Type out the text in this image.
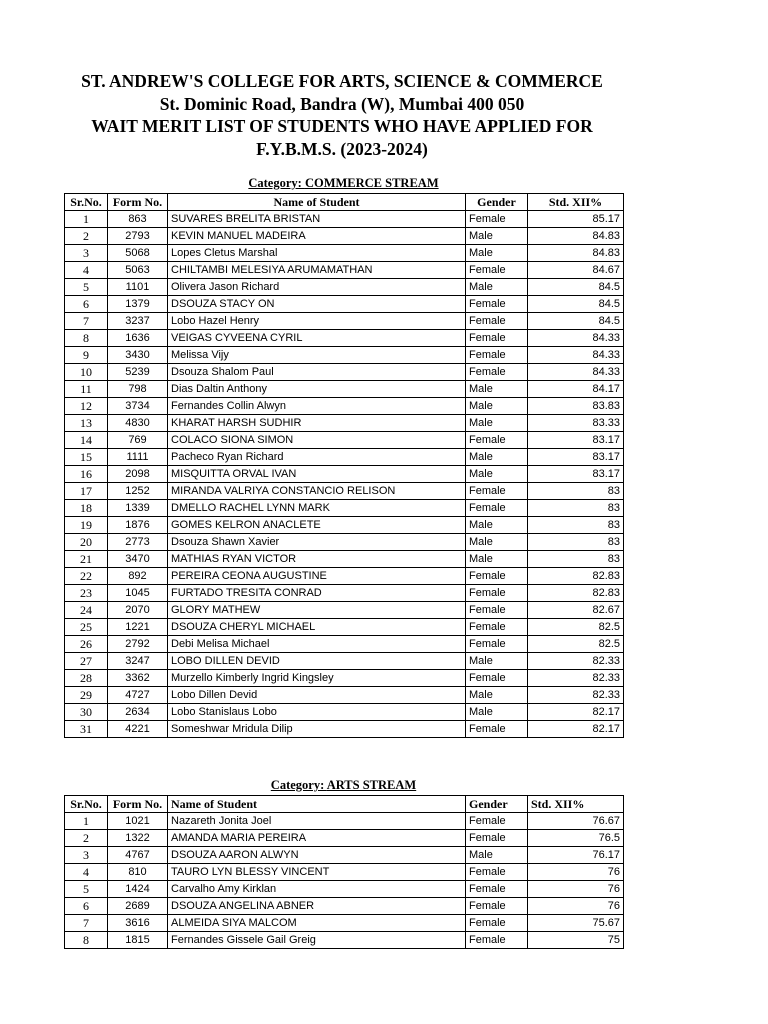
ST. ANDREW'S COLLEGE FOR ARTS, SCIENCE & COMMERCE
St. Dominic Road, Bandra (W), Mumbai 400 050
WAIT MERIT LIST OF STUDENTS WHO HAVE APPLIED FOR
F.Y.B.M.S. (2023-2024)
Category: COMMERCE STREAM
Sr.No.	Form No.	Name of Student	Gender	Std. XII%
1	863	SUVARES BRELITA BRISTAN	Female	85.17
2	2793	KEVIN MANUEL MADEIRA	Male	84.83
3	5068	Lopes Cletus Marshal	Male	84.83
4	5063	CHILTAMBI MELESIYA ARUMAMATHAN	Female	84.67
5	1101	Olivera Jason Richard	Male	84.5
6	1379	DSOUZA STACY ON	Female	84.5
7	3237	Lobo Hazel Henry	Female	84.5
8	1636	VEIGAS CYVEENA CYRIL	Female	84.33
9	3430	Melissa Vijy	Female	84.33
10	5239	Dsouza Shalom Paul	Female	84.33
11	798	Dias Daltin Anthony	Male	84.17
12	3734	Fernandes Collin Alwyn	Male	83.83
13	4830	KHARAT HARSH SUDHIR	Male	83.33
14	769	COLACO SIONA SIMON	Female	83.17
15	1111	Pacheco Ryan Richard	Male	83.17
16	2098	MISQUITTA ORVAL IVAN	Male	83.17
17	1252	MIRANDA VALRIYA CONSTANCIO RELISON	Female	83
18	1339	DMELLO RACHEL LYNN MARK	Female	83
19	1876	GOMES KELRON ANACLETE	Male	83
20	2773	Dsouza Shawn Xavier	Male	83
21	3470	MATHIAS RYAN VICTOR	Male	83
22	892	PEREIRA CEONA AUGUSTINE	Female	82.83
23	1045	FURTADO TRESITA CONRAD	Female	82.83
24	2070	GLORY MATHEW	Female	82.67
25	1221	DSOUZA CHERYL MICHAEL	Female	82.5
26	2792	Debi Melisa Michael	Female	82.5
27	3247	LOBO DILLEN DEVID	Male	82.33
28	3362	Murzello Kimberly Ingrid Kingsley	Female	82.33
29	4727	Lobo Dillen Devid	Male	82.33
30	2634	Lobo Stanislaus Lobo	Male	82.17
31	4221	Someshwar Mridula Dilip	Female	82.17
Category: ARTS STREAM
Sr.No.	Form No.	Name of Student	Gender	Std. XII%
1	1021	Nazareth Jonita Joel	Female	76.67
2	1322	AMANDA MARIA PEREIRA	Female	76.5
3	4767	DSOUZA AARON ALWYN	Male	76.17
4	810	TAURO LYN BLESSY VINCENT	Female	76
5	1424	Carvalho Amy Kirklan	Female	76
6	2689	DSOUZA ANGELINA ABNER	Female	76
7	3616	ALMEIDA SIYA MALCOM	Female	75.67
8	1815	Fernandes Gissele Gail Greig	Female	75
